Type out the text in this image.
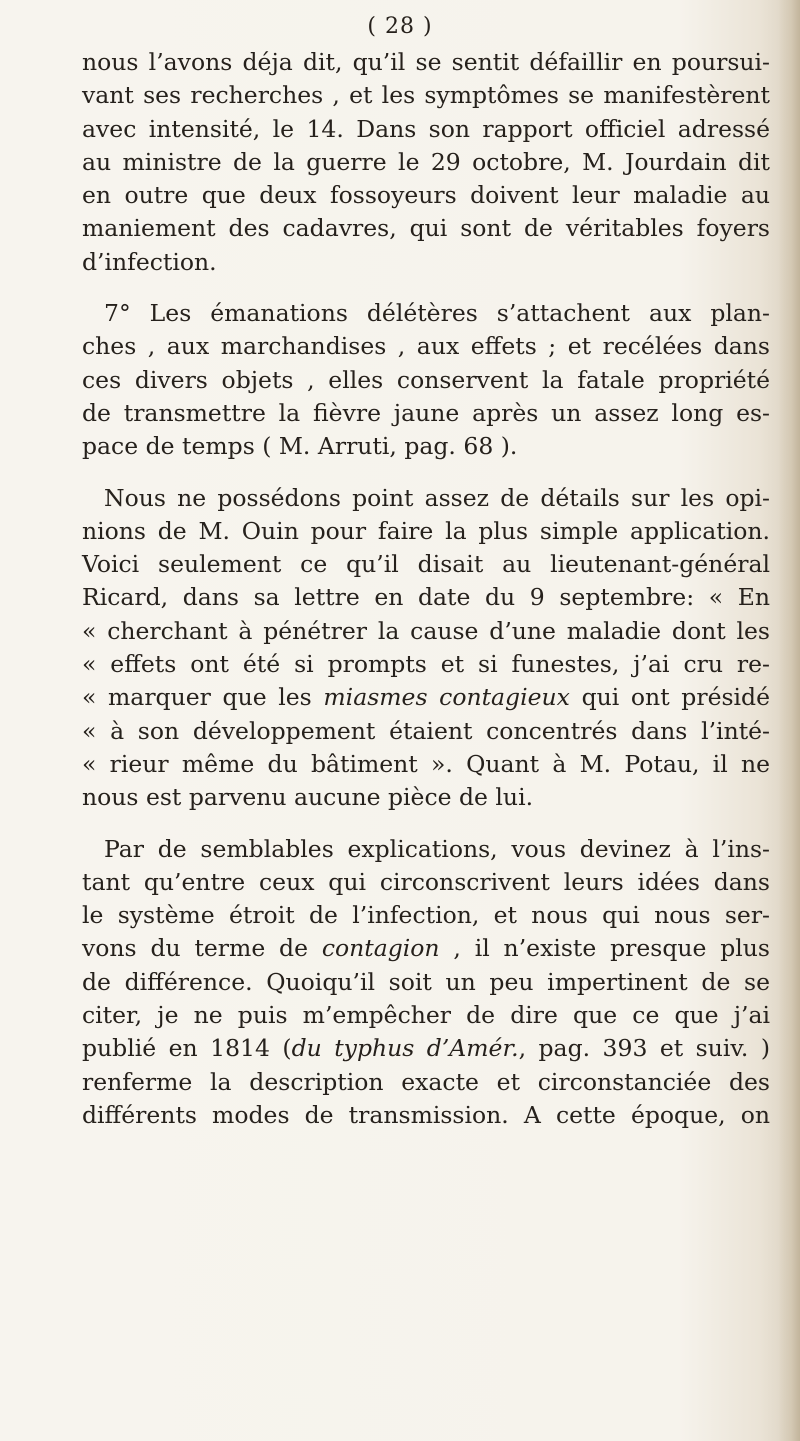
( 28 )
nous l’avons déja dit, qu’il se sentit défaillir en poursui-
vant ses recherches , et les symptômes se manifestèrent
avec intensité, le 14. Dans son rapport officiel adressé
au ministre de la guerre le 29 octobre, M. Jourdain dit
en outre que deux fossoyeurs doivent leur maladie au
maniement des cadavres, qui sont de véritables foyers
d’infection.
7° Les émanations délétères s’attachent aux plan-
ches , aux marchandises , aux effets ; et recélées dans
ces divers objets , elles conservent la fatale propriété
de transmettre la fièvre jaune après un assez long es-
pace de temps ( M. Arruti, pag. 68 ).
Nous ne possédons point assez de détails sur les opi-
nions de M. Ouin pour faire la plus simple application.
Voici seulement ce qu’il disait au lieutenant-général
Ricard, dans sa lettre en date du 9 septembre: « En
« cherchant à pénétrer la cause d’une maladie dont les
« effets ont été si prompts et si funestes, j’ai cru re-
« marquer que les miasmes contagieux qui ont présidé
« à son développement étaient concentrés dans l’inté-
« rieur même du bâtiment ». Quant à M. Potau, il ne
nous est parvenu aucune pièce de lui.
Par de semblables explications, vous devinez à l’ins-
tant qu’entre ceux qui circonscrivent leurs idées dans
le système étroit de l’infection, et nous qui nous ser-
vons du terme de contagion , il n’existe presque plus
de différence. Quoiqu’il soit un peu impertinent de se
citer, je ne puis m’empêcher de dire que ce que j’ai
publié en 1814 (du typhus d’Amér., pag. 393 et suiv. )
renferme la description exacte et circonstanciée des
différents modes de transmission. A cette époque, on
